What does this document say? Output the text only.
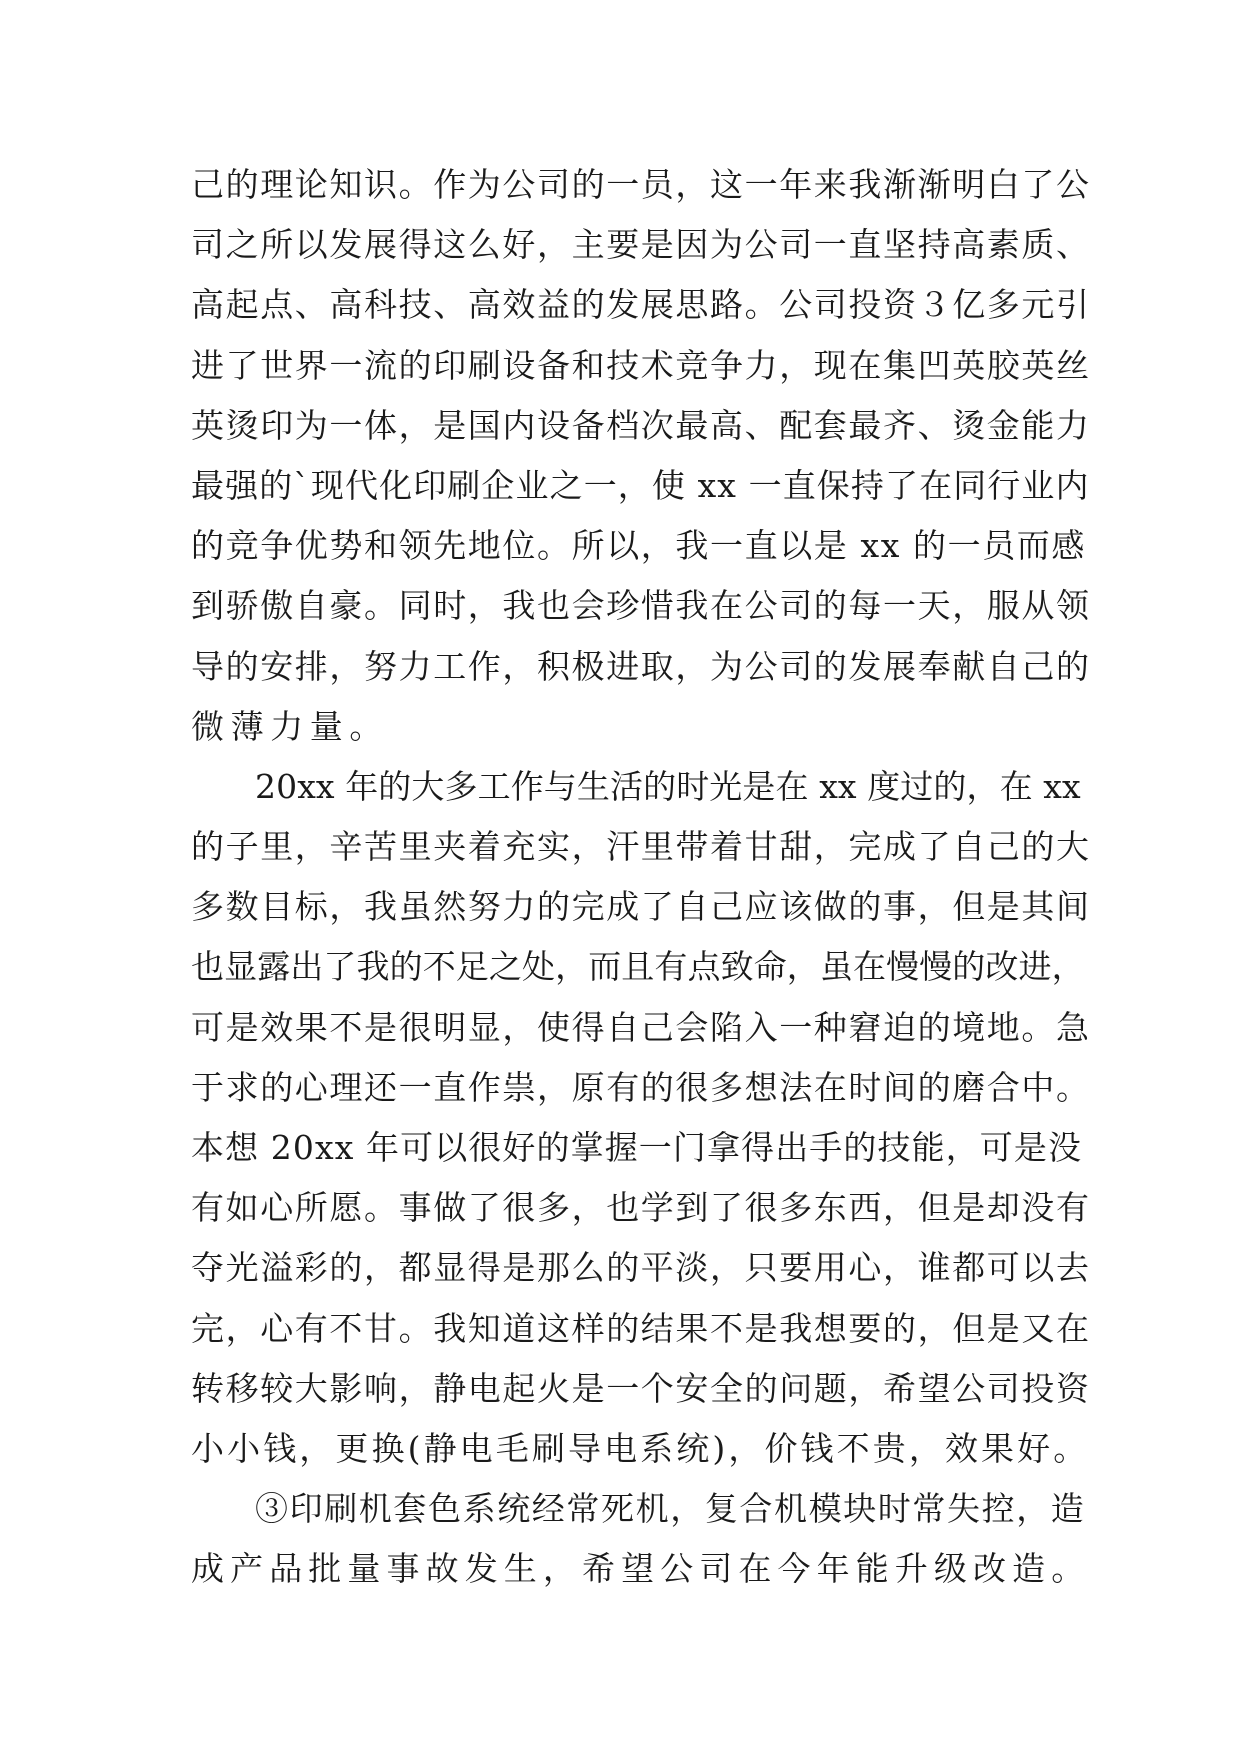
己的理论知识。作为公司的一员，这一年来我渐渐明白了公
司之所以发展得这么好，主要是因为公司一直坚持高素质、
高起点、高科技、高效益的发展思路。公司投资３亿多元引
进了世界一流的印刷设备和技术竞争力，现在集凹英胶英丝
英烫印为一体，是国内设备档次最高、配套最齐、烫金能力
最强的`现代化印刷企业之一，使 xx 一直保持了在同行业内
的竞争优势和领先地位。所以，我一直以是 xx 的一员而感
到骄傲自豪。同时，我也会珍惜我在公司的每一天，服从领
导的安排，努力工作，积极进取，为公司的发展奉献自己的
微薄力量。
20xx 年的大多工作与生活的时光是在 xx 度过的，在 xx
的子里，辛苦里夹着充实，汗里带着甘甜，完成了自己的大
多数目标，我虽然努力的完成了自己应该做的事，但是其间
也显露出了我的不足之处，而且有点致命，虽在慢慢的改进，
可是效果不是很明显，使得自己会陷入一种窘迫的境地。急
于求的心理还一直作祟，原有的很多想法在时间的磨合中。
本想 20xx 年可以很好的掌握一门拿得出手的技能，可是没
有如心所愿。事做了很多，也学到了很多东西，但是却没有
夺光溢彩的，都显得是那么的平淡，只要用心，谁都可以去
完，心有不甘。我知道这样的结果不是我想要的，但是又在
转移较大影响，静电起火是一个安全的问题，希望公司投资
小小钱，更换(静电毛刷导电系统)，价钱不贵，效果好。
③印刷机套色系统经常死机，复合机模块时常失控，造
成产品批量事故发生，希望公司在今年能升级改造。
